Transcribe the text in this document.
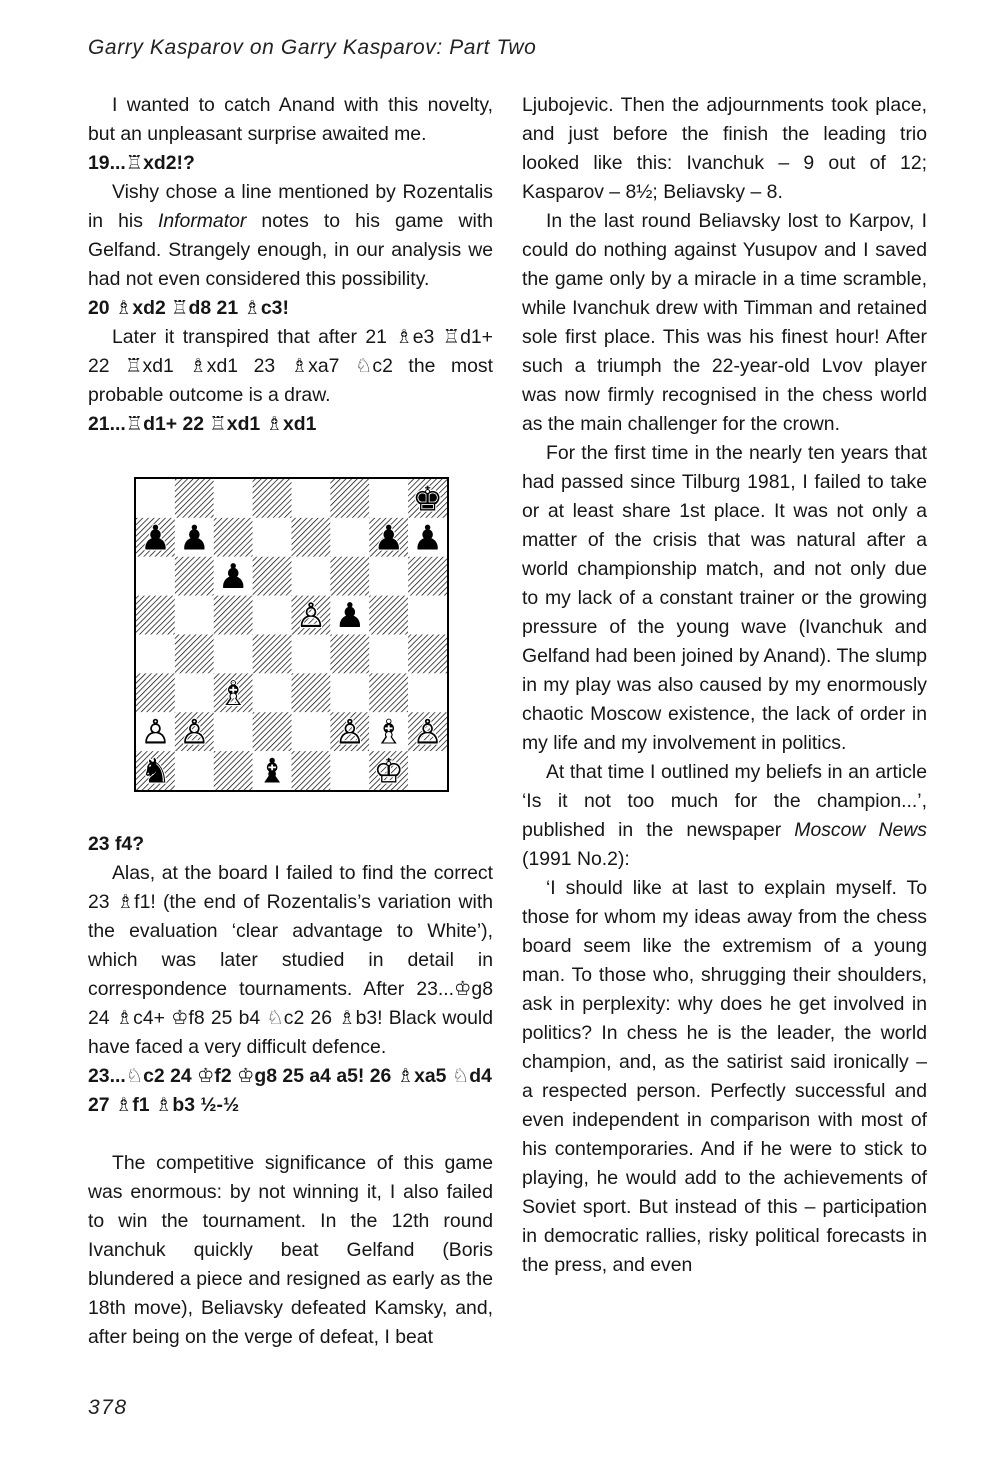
Garry Kasparov on Garry Kasparov: Part Two

I wanted to catch Anand with this novelty, but an unpleasant surprise awaited me.

19...♖xd2!?

Vishy chose a line mentioned by Rozentalis in his Informator notes to his game with Gelfand. Strangely enough, in our analysis we had not even considered this possibility.

20 ♗xd2 ♖d8 21 ♗c3!

Later it transpired that after 21 ♗e3 ♖d1+ 22 ♖xd1 ♗xd1 23 ♗xa7 ♘c2 the most probable outcome is a draw.

21...♖d1+ 22 ♖xd1 ♗xd1

♚
♟ ♟	♟ ♟
♟
♟
♙
♗
♙ ♙	♙ ♗ ♙
♞	♝	♔

23 f4?

Alas, at the board I failed to find the correct 23 ♗f1! (the end of Rozentalis’s variation with the evaluation ‘clear advantage to White’), which was later studied in detail in correspondence tournaments. After 23...♔g8 24 ♗c4+ ♔f8 25 b4 ♘c2 26 ♗b3! Black would have faced a very difficult defence.

23...♘c2 24 ♔f2 ♔g8 25 a4 a5! 26 ♗xa5 ♘d4 27 ♗f1 ♗b3 ½-½

The competitive significance of this game was enormous: by not winning it, I also failed to win the tournament. In the 12th round Ivanchuk quickly beat Gelfand (Boris blundered a piece and resigned as early as the 18th move), Beliavsky defeated Kamsky, and, after being on the verge of defeat, I beat

Ljubojevic. Then the adjournments took place, and just before the finish the leading trio looked like this: Ivanchuk – 9 out of 12; Kasparov – 8½; Beliavsky – 8.

In the last round Beliavsky lost to Karpov, I could do nothing against Yusupov and I saved the game only by a miracle in a time scramble, while Ivanchuk drew with Timman and retained sole first place. This was his finest hour! After such a triumph the 22-year-old Lvov player was now firmly recognised in the chess world as the main challenger for the crown.

For the first time in the nearly ten years that had passed since Tilburg 1981, I failed to take or at least share 1st place. It was not only a matter of the crisis that was natural after a world championship match, and not only due to my lack of a constant trainer or the growing pressure of the young wave (Ivanchuk and Gelfand had been joined by Anand). The slump in my play was also caused by my enormously chaotic Moscow existence, the lack of order in my life and my involvement in politics.

At that time I outlined my beliefs in an article ‘Is it not too much for the champion...’, published in the newspaper Moscow News (1991 No.2):

‘I should like at last to explain myself. To those for whom my ideas away from the chess board seem like the extremism of a young man. To those who, shrugging their shoulders, ask in perplexity: why does he get involved in politics? In chess he is the leader, the world champion, and, as the satirist said ironically – a respected person. Perfectly successful and even independent in comparison with most of his contemporaries. And if he were to stick to playing, he would add to the achievements of Soviet sport. But instead of this – participation in democratic rallies, risky political forecasts in the press, and even

378
